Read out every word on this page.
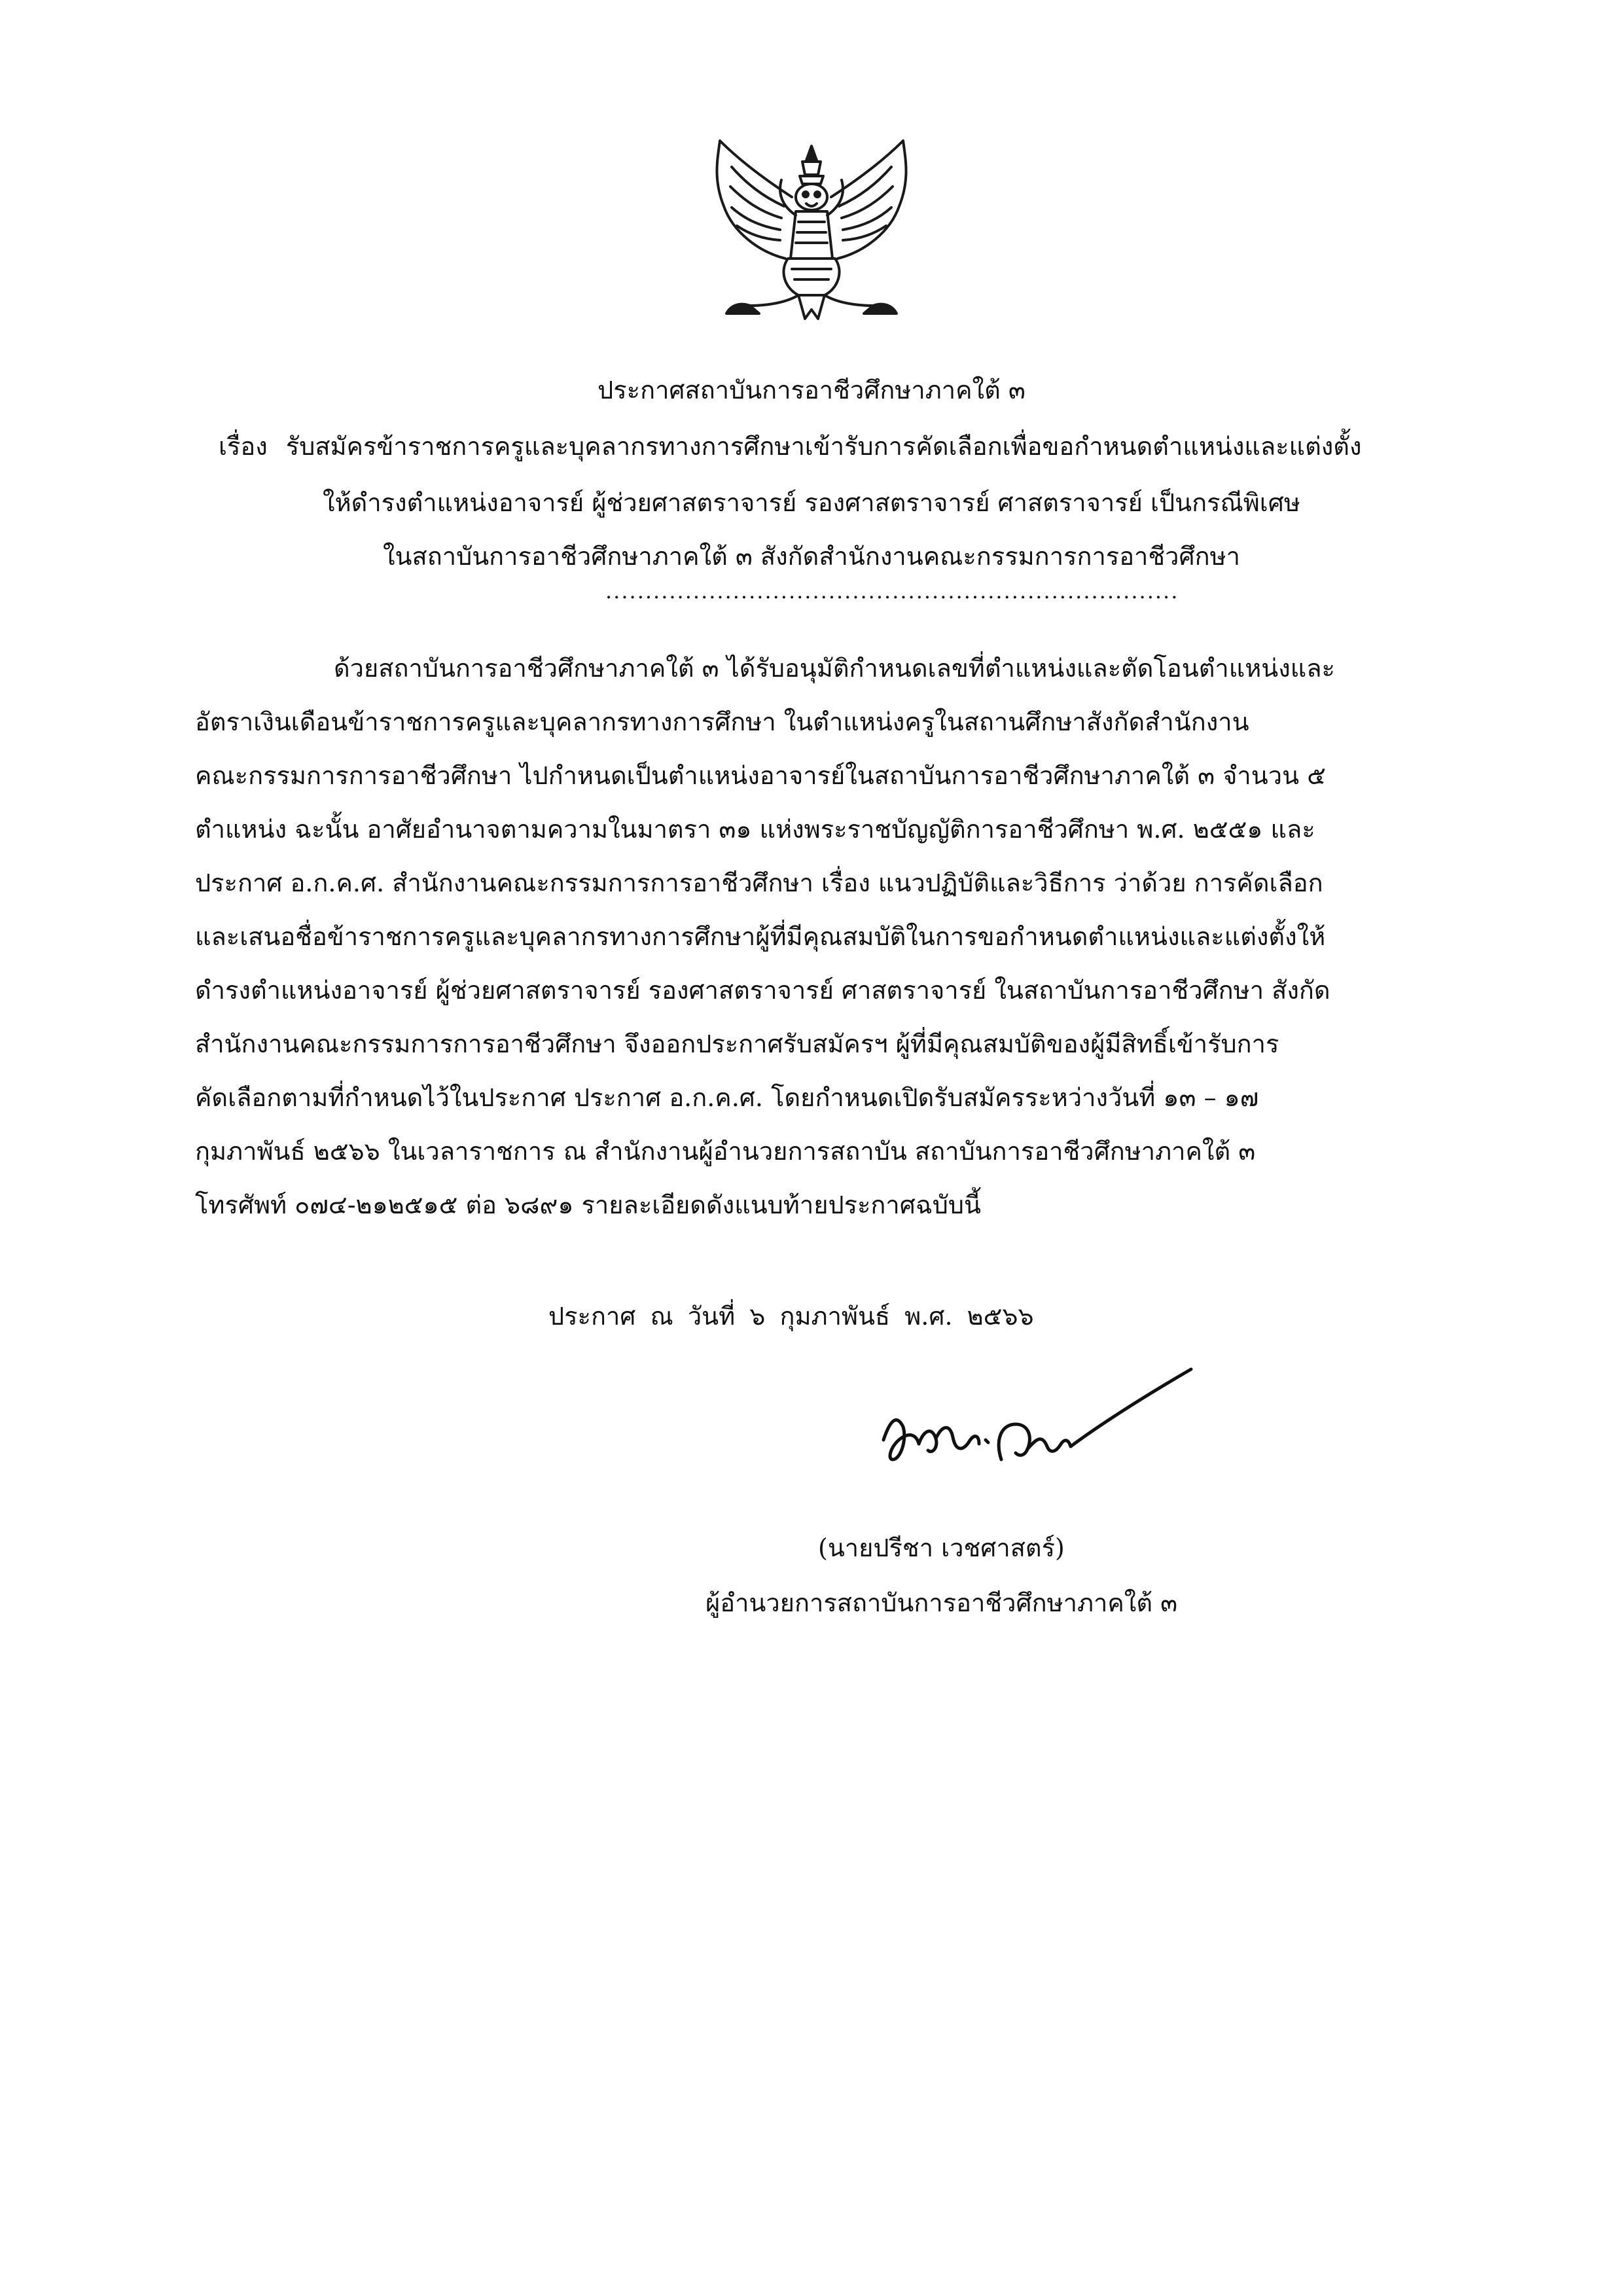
ประกาศสถาบันการอาชีวศึกษาภาคใต้ ๓
เรื่อง รับสมัครข้าราชการครูและบุคลากรทางการศึกษาเข้ารับการคัดเลือกเพื่อขอกำหนดตำแหน่งและแต่งตั้ง
ให้ดำรงตำแหน่งอาจารย์ ผู้ช่วยศาสตราจารย์ รองศาสตราจารย์ ศาสตราจารย์ เป็นกรณีพิเศษ
ในสถาบันการอาชีวศึกษาภาคใต้ ๓ สังกัดสำนักงานคณะกรรมการการอาชีวศึกษา
........................................................................
ด้วยสถาบันการอาชีวศึกษาภาคใต้ ๓ ได้รับอนุมัติกำหนดเลขที่ตำแหน่งและตัดโอนตำแหน่งและ
อัตราเงินเดือนข้าราชการครูและบุคลากรทางการศึกษา ในตำแหน่งครูในสถานศึกษาสังกัดสำนักงาน
คณะกรรมการการอาชีวศึกษา ไปกำหนดเป็นตำแหน่งอาจารย์ในสถาบันการอาชีวศึกษาภาคใต้ ๓ จำนวน ๕
ตำแหน่ง ฉะนั้น อาศัยอำนาจตามความในมาตรา ๓๑ แห่งพระราชบัญญัติการอาชีวศึกษา พ.ศ. ๒๕๕๑ และ
ประกาศ อ.ก.ค.ศ. สำนักงานคณะกรรมการการอาชีวศึกษา เรื่อง แนวปฏิบัติและวิธีการ ว่าด้วย การคัดเลือก
และเสนอชื่อข้าราชการครูและบุคลากรทางการศึกษาผู้ที่มีคุณสมบัติในการขอกำหนดตำแหน่งและแต่งตั้งให้
ดำรงตำแหน่งอาจารย์ ผู้ช่วยศาสตราจารย์ รองศาสตราจารย์ ศาสตราจารย์ ในสถาบันการอาชีวศึกษา สังกัด
สำนักงานคณะกรรมการการอาชีวศึกษา จึงออกประกาศรับสมัครฯ ผู้ที่มีคุณสมบัติของผู้มีสิทธิ์เข้ารับการ
คัดเลือกตามที่กำหนดไว้ในประกาศ ประกาศ อ.ก.ค.ศ. โดยกำหนดเปิดรับสมัครระหว่างวันที่ ๑๓ – ๑๗
กุมภาพันธ์ ๒๕๖๖ ในเวลาราชการ ณ สำนักงานผู้อำนวยการสถาบัน สถาบันการอาชีวศึกษาภาคใต้ ๓
โทรศัพท์ ๐๗๔-๒๑๒๕๑๕ ต่อ ๖๘๙๑ รายละเอียดดังแนบท้ายประกาศฉบับนี้
ประกาศ ณ วันที่ ๖ กุมภาพันธ์ พ.ศ. ๒๕๖๖
(นายปรีชา เวชศาสตร์)
ผู้อำนวยการสถาบันการอาชีวศึกษาภาคใต้ ๓
